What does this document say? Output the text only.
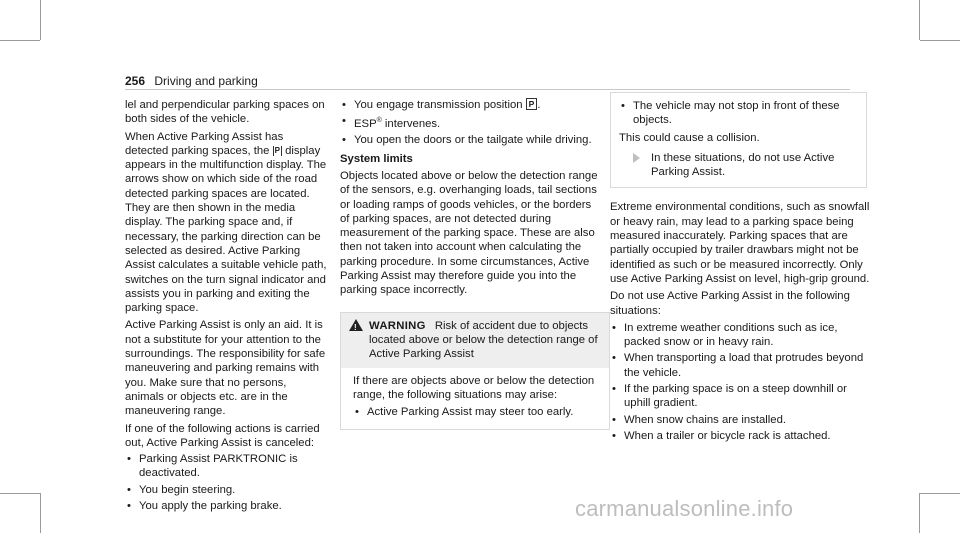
256 Driving and parking

lel and perpendicular parking spaces on both sides of the vehicle.

When Active Parking Assist has detected parking spaces, the P display appears in the multifunction display. The arrows show on which side of the road detected parking spaces are located. They are then shown in the media display. The parking space and, if necessary, the parking direction can be selected as desired. Active Parking Assist calculates a suitable vehicle path, switches on the turn signal indicator and assists you in parking and exiting the parking space.

Active Parking Assist is only an aid. It is not a substitute for your attention to the surroundings. The responsibility for safe maneuvering and parking remains with you. Make sure that no persons, animals or objects etc. are in the maneuvering range.

If one of the following actions is carried out, Active Parking Assist is canceled:

• Parking Assist PARKTRONIC is deactivated.
• You begin steering.
• You apply the parking brake.
• You engage transmission position P .
• ESP® intervenes.
• You open the doors or the tailgate while driving.

System limits

Objects located above or below the detection range of the sensors, e.g. overhanging loads, tail sections or loading ramps of goods vehicles, or the borders of parking spaces, are not detected during measurement of the parking space. These are also then not taken into account when calculating the parking procedure. In some circumstances, Active Parking Assist may therefore guide you into the parking space incorrectly.

!
WARNING Risk of accident due to objects located above or below the detection range of Active Parking Assist

If there are objects above or below the detection range, the following situations may arise:

• Active Parking Assist may steer too early.
• The vehicle may not stop in front of these objects.

This could cause a collision.

In these situations, do not use Active Parking Assist.

Extreme environmental conditions, such as snowfall or heavy rain, may lead to a parking space being measured inaccurately. Parking spaces that are partially occupied by trailer drawbars might not be identified as such or be measured incorrectly. Only use Active Parking Assist on level, high-grip ground.

Do not use Active Parking Assist in the following situations:

• In extreme weather conditions such as ice, packed snow or in heavy rain.
• When transporting a load that protrudes beyond the vehicle.
• If the parking space is on a steep downhill or uphill gradient.
• When snow chains are installed.
• When a trailer or bicycle rack is attached.
carmanualsonline.info
